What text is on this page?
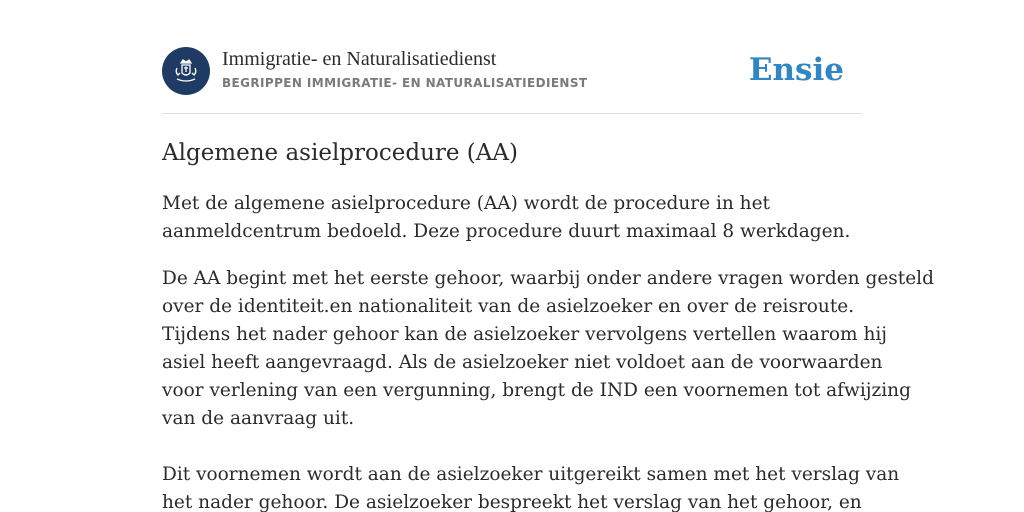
Immigratie- en Naturalisatiedienst
BEGRIPPEN IMMIGRATIE- EN NATURALISATIEDIENST	Ensie
Algemene asielprocedure (AA)

Met de algemene asielprocedure (AA) wordt de procedure in het
aanmeldcentrum bedoeld. Deze procedure duurt maximaal 8 werkdagen.

De AA begint met het eerste gehoor, waarbij onder andere vragen worden gesteld
over de identiteit.en nationaliteit van de asielzoeker en over de reisroute.
Tijdens het nader gehoor kan de asielzoeker vervolgens vertellen waarom hij
asiel heeft aangevraagd. Als de asielzoeker niet voldoet aan de voorwaarden
voor verlening van een vergunning, brengt de IND een voornemen tot afwijzing
van de aanvraag uit.

Dit voornemen wordt aan de asielzoeker uitgereikt samen met het verslag van
het nader gehoor. De asielzoeker bespreekt het verslag van het gehoor, en
